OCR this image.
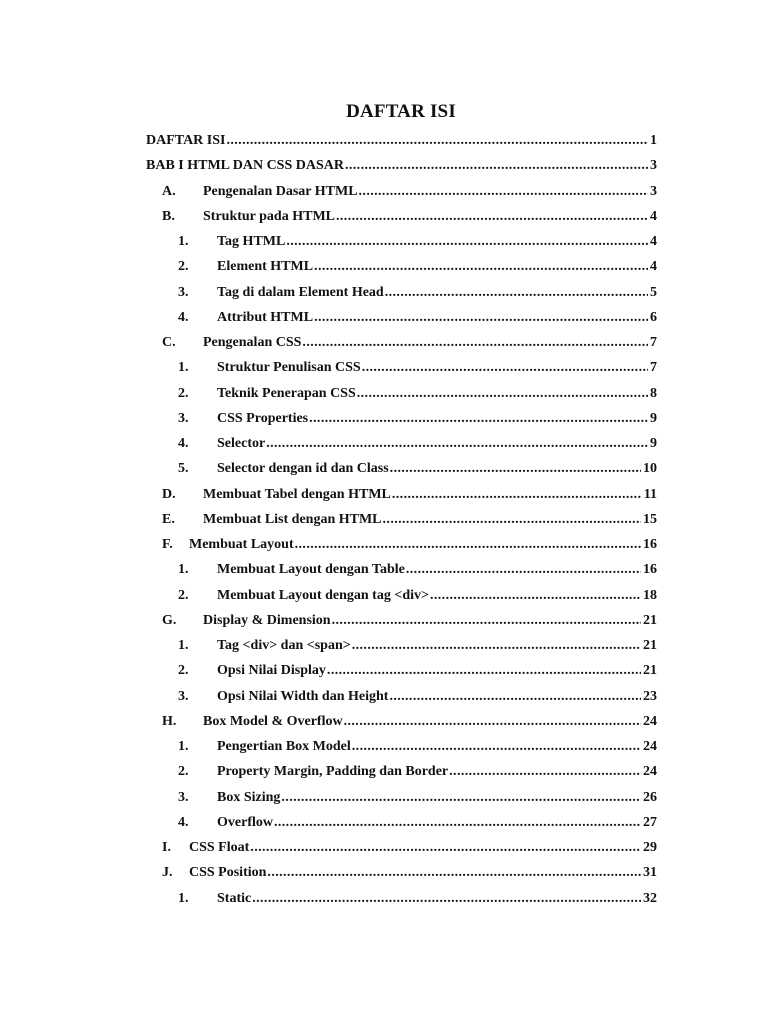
DAFTAR ISI
DAFTAR ISI .....	1
BAB I HTML DAN CSS DASAR .....	3
A. Pengenalan Dasar HTML .....	3
B. Struktur pada HTML .....	4
1. Tag HTML .....	4
2. Element HTML .....	4
3. Tag di dalam Element Head .....	5
4. Attribut HTML .....	6
C. Pengenalan CSS .....	7
1. Struktur Penulisan CSS .....	7
2. Teknik Penerapan CSS .....	8
3. CSS Properties .....	9
4. Selector .....	9
5. Selector dengan id dan Class .....	10
D. Membuat Tabel dengan HTML .....	11
E. Membuat List dengan HTML .....	15
F. Membuat Layout .....	16
1. Membuat Layout dengan Table .....	16
2. Membuat Layout dengan tag <div> .....	18
G. Display & Dimension .....	21
1. Tag <div> dan <span> .....	21
2. Opsi Nilai Display .....	21
3. Opsi Nilai Width dan Height .....	23
H. Box Model & Overflow .....	24
1. Pengertian Box Model .....	24
2. Property Margin, Padding dan Border .....	24
3. Box Sizing .....	26
4. Overflow .....	27
I. CSS Float .....	29
J. CSS Position .....	31
1. Static .....	32
